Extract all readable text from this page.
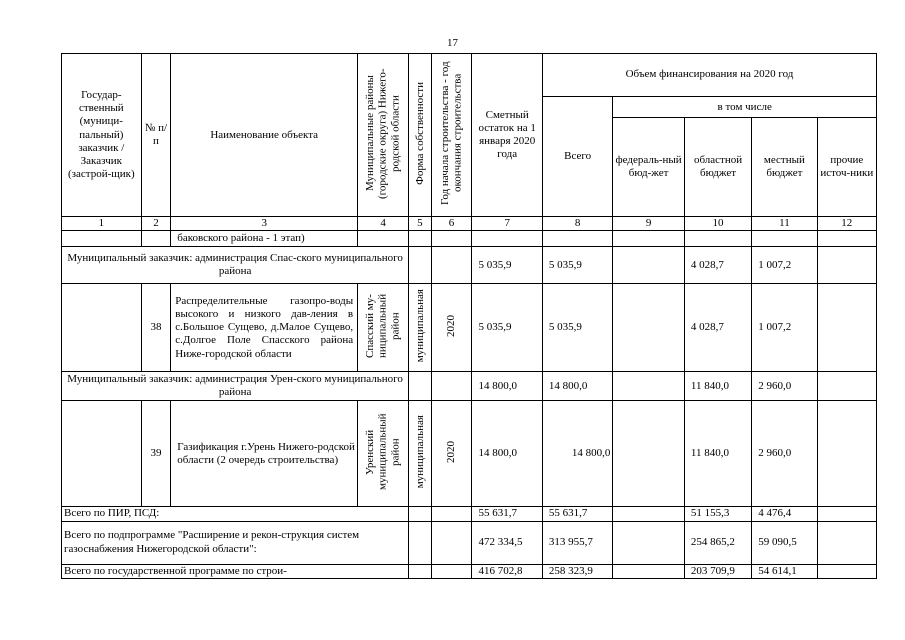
17
Государ-ственный (муници-пальный) заказчик / Заказчик (застрой-щик)	№ п/п	Наименование объекта	Муниципальные районы (городские округа) Нижего-родской области	Форма собственности	Год начала строительства - год окончания строительства	Сметный остаток на 1 января 2020 года	Объем финансирования на 2020 год				
							Всего	в том числе			
								федераль-ный бюд-жет	областной бюджет	местный бюджет	прочие источ-ники
1	2	3	4	5	6	7	8	9	10	11	12
		баковского района - 1 этап)									
Муниципальный заказчик: администрация Спас-ского муниципального района						5 035,9	5 035,9		4 028,7	1 007,2	
	38	Распределительные газопро-воды высокого и низкого дав-ления в с.Большое Сущево, д.Малое Сущево, с.Долгое Поле Спасского района Ниже-городской области	Спасский му-ниципальный район	муниципальная	2020	5 035,9	5 035,9		4 028,7	1 007,2	
Муниципальный заказчик: администрация Урен-ского муниципального района						14 800,0	14 800,0		11 840,0	2 960,0	
	39	Газификация г.Урень Нижего-родской области (2 очередь строительства)	Уренский муниципальный район	муниципальная	2020	14 800,0	14 800,0		11 840,0	2 960,0	
Всего по ПИР, ПСД:						55 631,7	55 631,7		51 155,3	4 476,4	
Всего по подпрограмме "Расширение и рекон-струкция систем газоснабжения Нижегородской области":						472 334,5	313 955,7		254 865,2	59 090,5	
Всего по государственной программе по строи-						416 702,8	258 323,9		203 709,9	54 614,1	
